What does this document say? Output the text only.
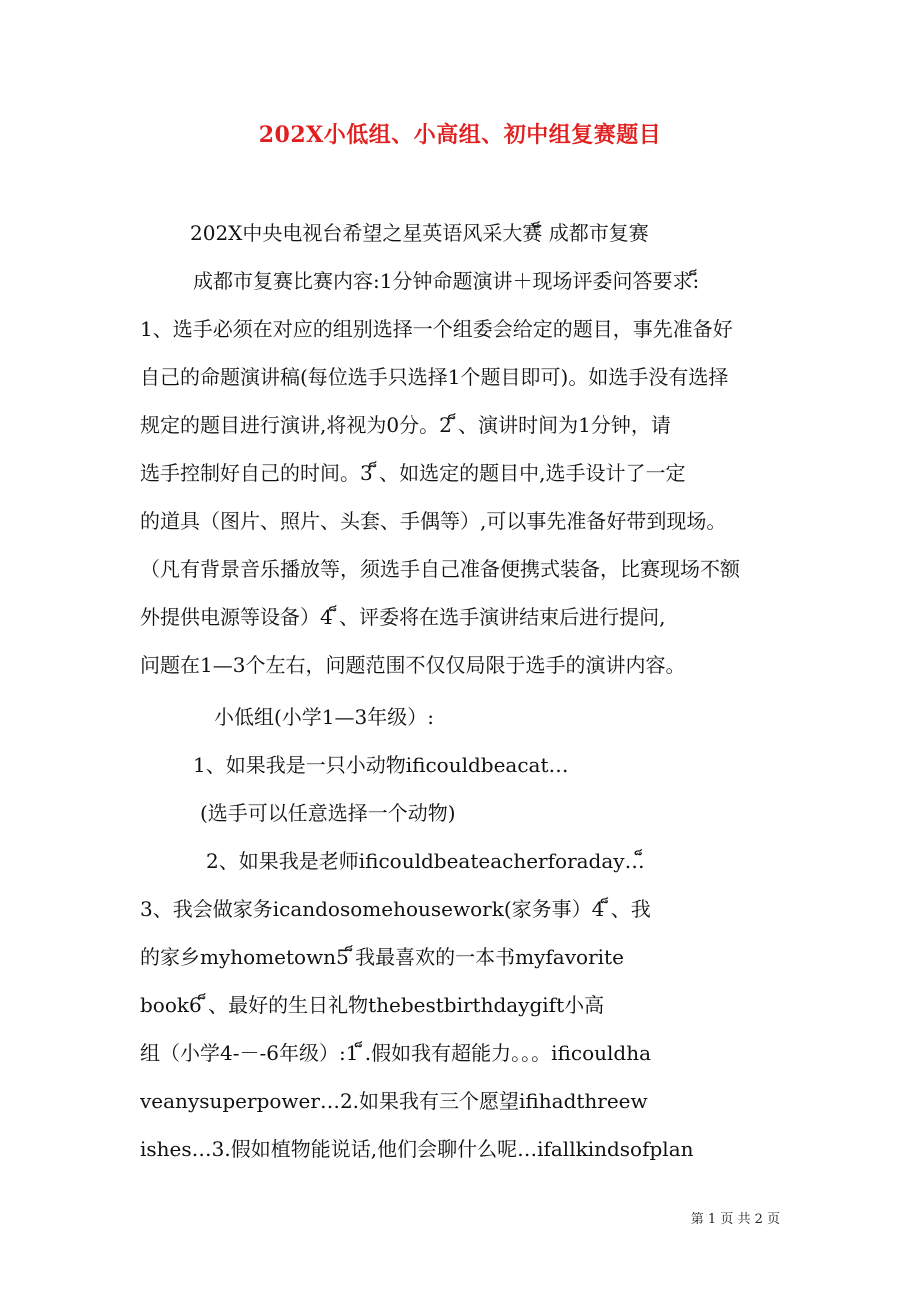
202Ⅹ小低组、小高组、初中组复赛题目
202X中央电视台希望之星英语风采大赛็ 成都市复赛
成都市复赛比赛内容:1分钟命题演讲＋现场评委问答要求:็
1、选手必须在对应的组别选择一个组委会给定的题目，事先准备好
自己的命题演讲稿(每位选手只选择1个题目即可)。如选手没有选择
规定的题目进行演讲,将视为0分。2 ็、演讲时间为1分钟，请
选手控制好自己的时间。3 ็、如选定的题目中,选手设计了一定
的道具（图片、照片、头套、手偶等）,可以事先准备好带到现场。
（凡有背景音乐播放等，须选手自己准备便携式装备，比赛现场不额
外提供电源等设备）4 ็、评委将在选手演讲结束后进行提问,
问题在1—3个左右，问题范围不仅仅局限于选手的演讲内容。
小低组(小学1—3年级）:
1、如果我是一只小动物ificouldbeacat…
(选手可以任意选择一个动物)
2、如果我是老师ificouldbeateacherforaday…็
3、我会做家务icandosomehousework(家务事）4 ็、我
的家乡myhometown5 ็我最喜欢的一本书myfavorite
book6 ็、最好的生日礼物thebestbirthdaygift小高
组（小学4-－-6年级）:1 ็.假如我有超能力。。。ificouldha
veanysuperpower…2.如果我有三个愿望ifihadthreew
ishes…3.假如植物能说话,他们会聊什么呢…ifallkindsofplan
第 1 页 共 2 页
